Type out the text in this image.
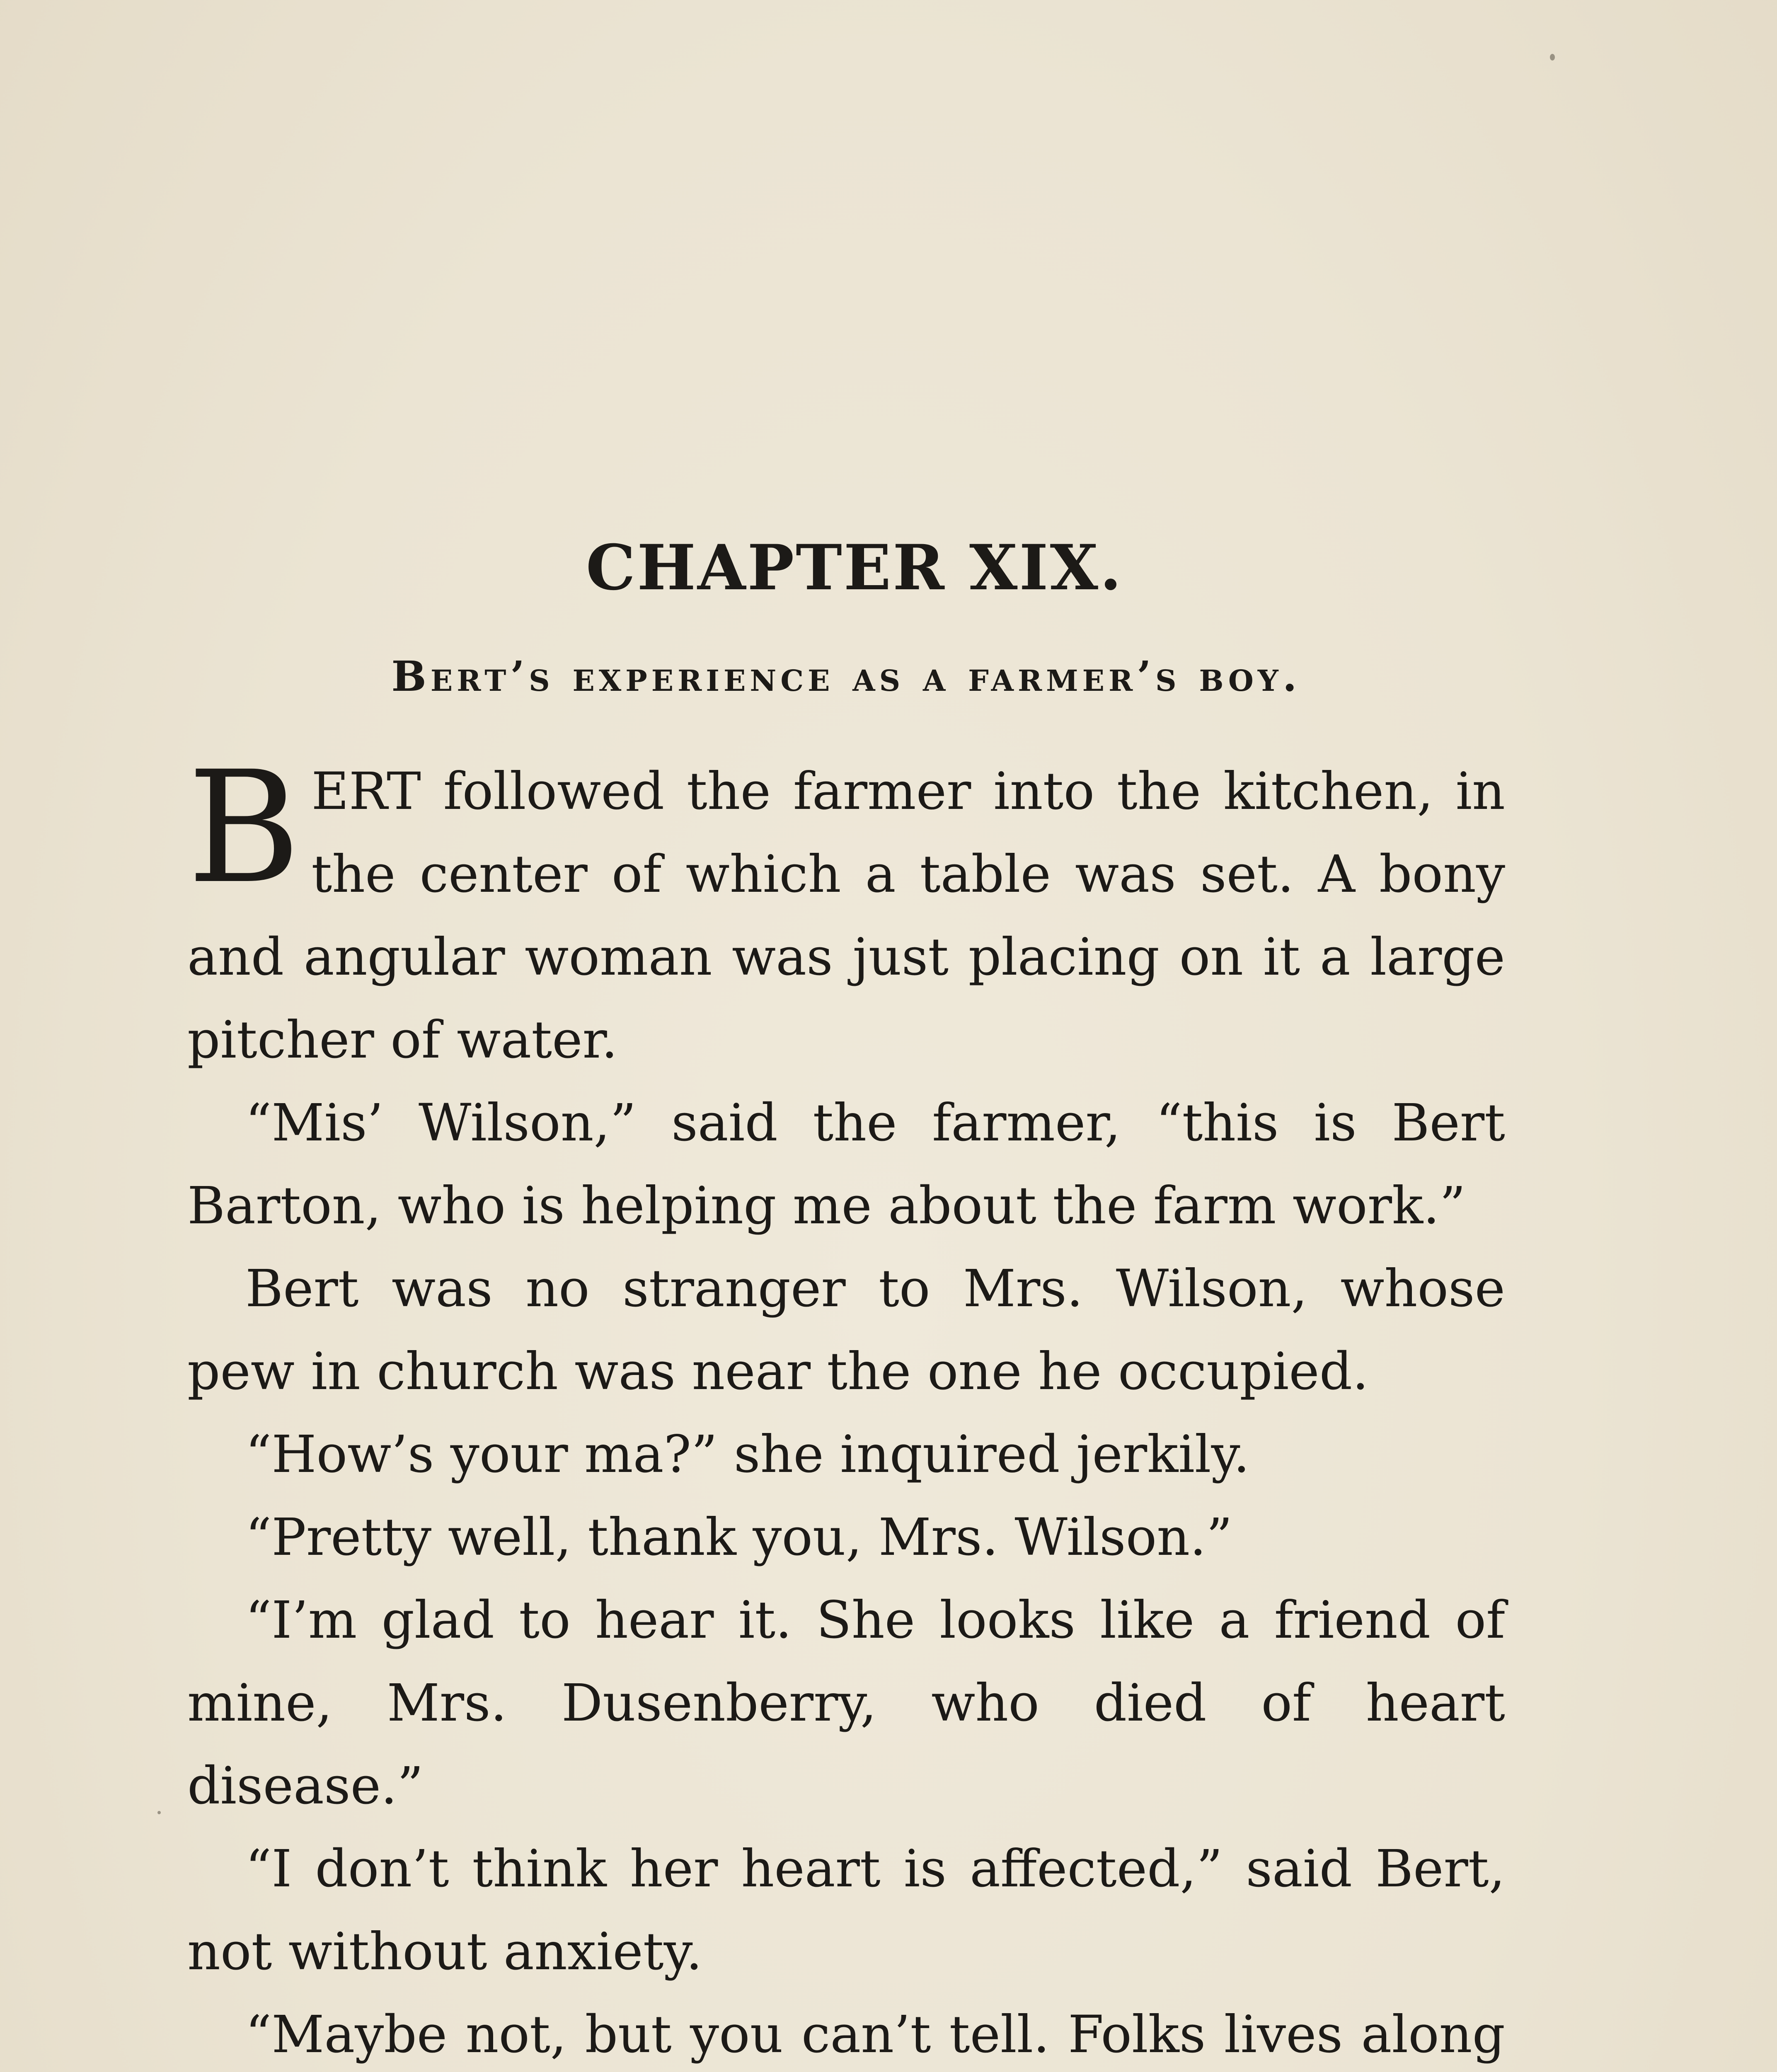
CHAPTER XIX.
Bert’s experience as a farmer’s boy.

BERT followed the farmer into the kitchen, in the center of which a table was set. A bony and angular woman was just placing on it a large pitcher of water.

“Mis’ Wilson,” said the farmer, “this is Bert Barton, who is helping me about the farm work.”

Bert was no stranger to Mrs. Wilson, whose pew in church was near the one he occupied.

“How’s your ma?” she inquired jerkily.

“Pretty well, thank you, Mrs. Wilson.”

“I’m glad to hear it. She looks like a friend of mine, Mrs. Dusenberry, who died of heart disease.”

“I don’t think her heart is affected,” said Bert, not without anxiety.

“Maybe not, but you can’t tell. Folks lives along
